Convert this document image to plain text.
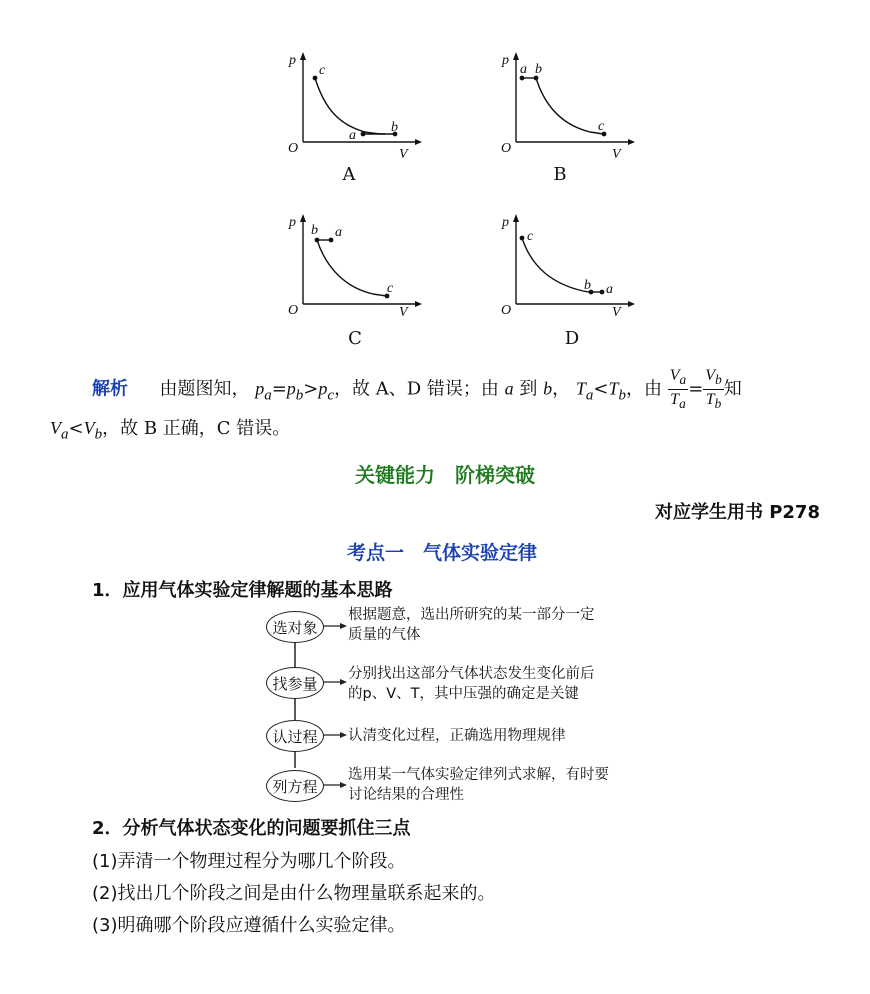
p
V
O
c
a
b
A
p
V
O
a b
c
B
p
V
O
b a
c
C
p
V
O
c
b a
D
解析 由题图知， $p_a=p_b>p_c$，故 A、D 错误；由 a 到 b， $T_a<T_b$，由 $\frac{V_a}{T_a} = \frac{V_b}{T_b}$ 知
$V_a<V_b$，故 B 正确，C 错误。
关键能力　阶梯突破
对应学生用书 P278
考点一　气体实验定律
1．应用气体实验定律解题的基本思路
选对象
根据题意，选出所研究的某一部分一定
质量的气体
找参量
分别找出这部分气体状态发生变化前后
的p、V、T，其中压强的确定是关键
认过程	认清变化过程，正确选用物理规律
列方程
选用某一气体实验定律列式求解，有时要
讨论结果的合理性
2．分析气体状态变化的问题要抓住三点
(1)弄清一个物理过程分为哪几个阶段。
(2)找出几个阶段之间是由什么物理量联系起来的。
(3)明确哪个阶段应遵循什么实验定律。
